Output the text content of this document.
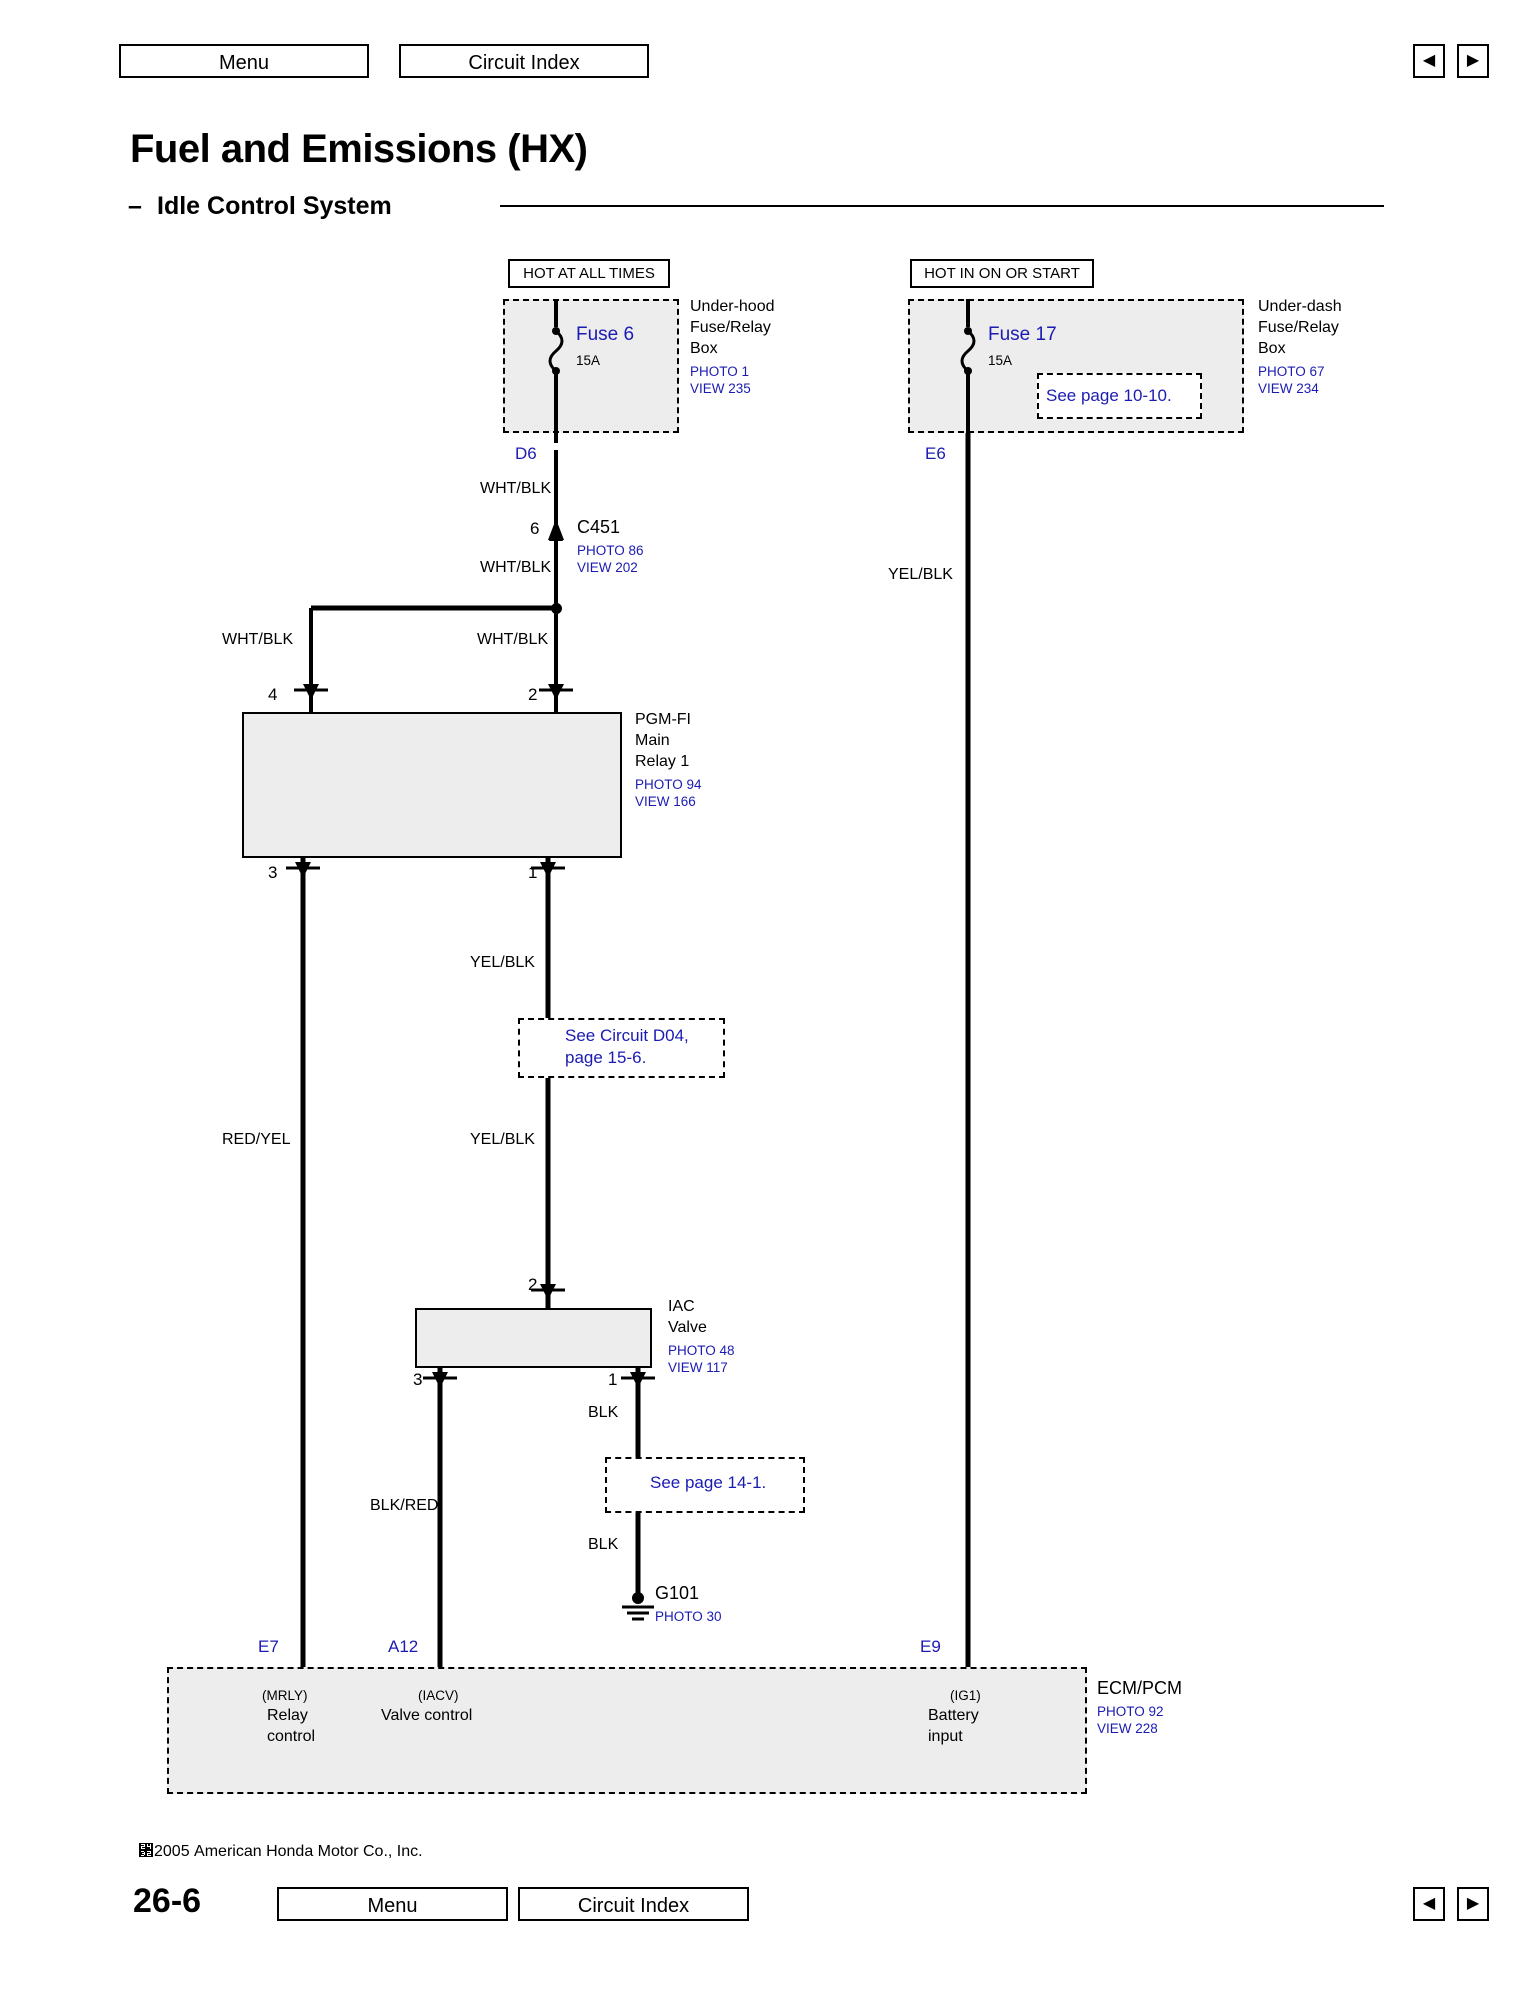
Menu	Circuit Index	◀	▶
Fuel and Emissions (HX)
– Idle Control System
HOT AT ALL TIMES	HOT IN ON OR START
Fuse 6
15A
Under-hood
Fuse/Relay
Box
PHOTO 1
VIEW 235
D6
Fuse 17
15A
See page 10-10.
Under-dash
Fuse/Relay
Box
PHOTO 67
VIEW 234
E6
WHT/BLK
6 C451
PHOTO 86
VIEW 202
WHT/BLK
WHT/BLK	WHT/BLK
YEL/BLK
4	2
3	1
PGM-FI
Main
Relay 1
PHOTO 94
VIEW 166
YEL/BLK
See Circuit D04,
page 15-6.
RED/YEL	YEL/BLK
2
3	1
IAC
Valve
PHOTO 48
VIEW 117
BLK
See page 14-1.
BLK/RED
BLK
G101
PHOTO 30
E7
(MRLY)
Relay
control
A12
(IACV)
Valve control
E9
(IG1)
Battery
input
ECM/PCM
PHOTO 92
VIEW 228
␲2005 American Honda Motor Co., Inc.
26-6	Menu	Circuit Index	◀	▶
